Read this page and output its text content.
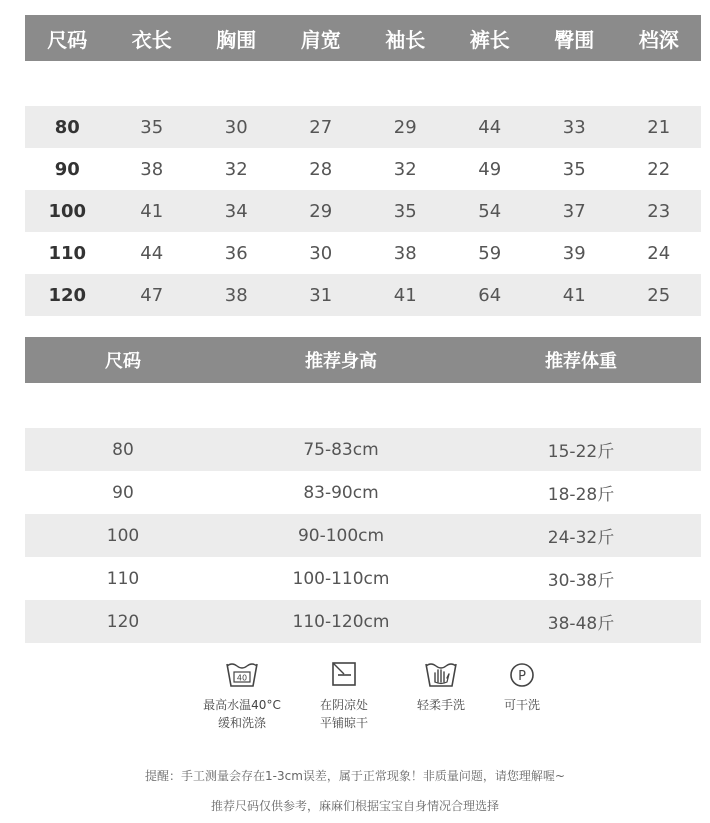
尺码	衣长	胸围	肩宽	袖长	裤长	臀围	档深
80	35	30	27	29	44	33	21
90	38	32	28	32	49	35	22
100	41	34	29	35	54	37	23
110	44	36	30	38	59	39	24
120	47	38	31	41	64	41	25
尺码	推荐身高	推荐体重
80	75-83cm	15-22斤
90	83-90cm	18-28斤
100	90-100cm	24-32斤
110	100-110cm	30-38斤
120	110-120cm	38-48斤
40
最高水温40°C
缓和洗涤
在阴凉处
平铺晾干
轻柔手洗
P
可干洗
提醒：手工测量会存在1-3cm误差，属于正常现象！非质量问题，请您理解喔~
推荐尺码仅供参考，麻麻们根据宝宝自身情况合理选择
